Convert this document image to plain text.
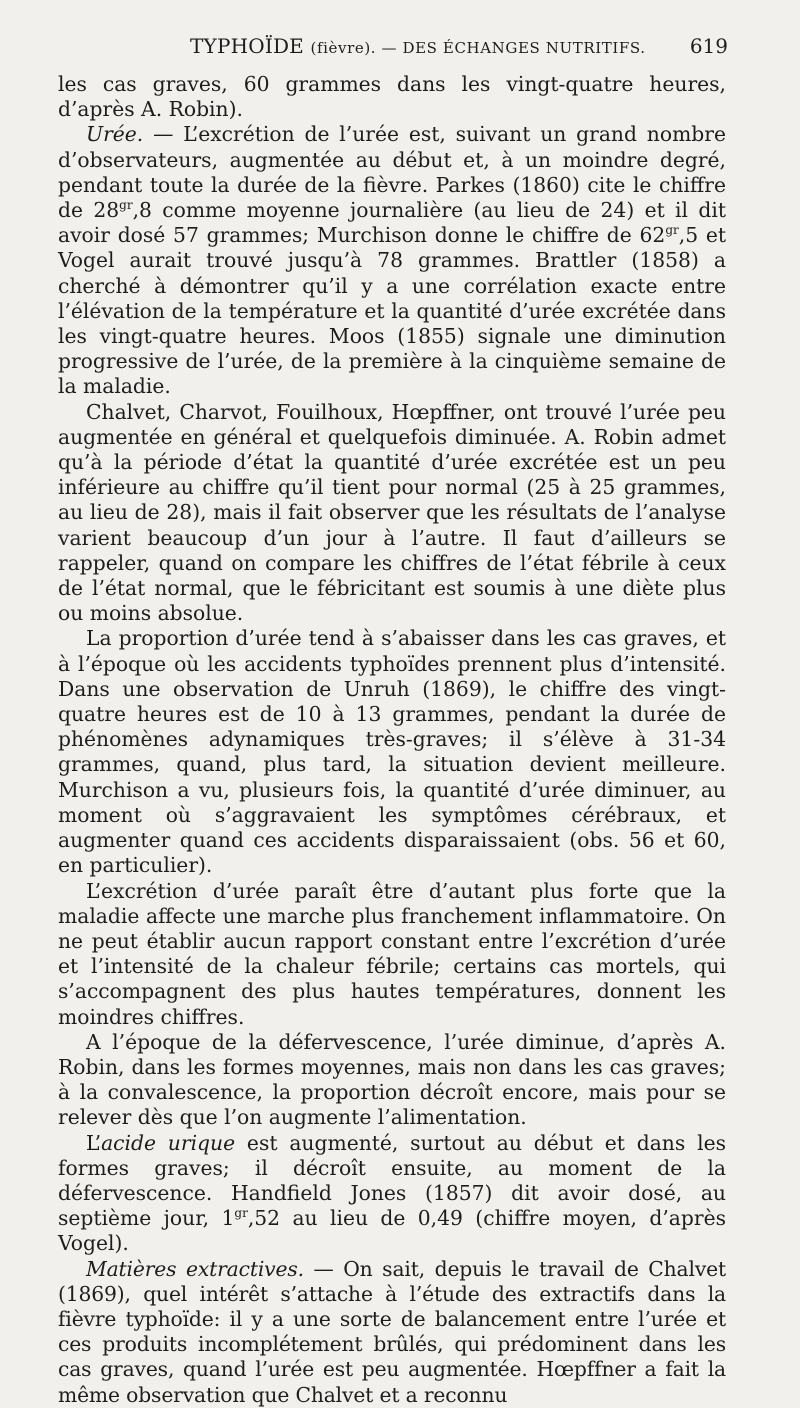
TYPHOÏDE (fièvre). — DES ÉCHANGES NUTRITIFS. 619

les cas graves, 60 grammes dans les vingt-quatre heures, d’après A. Robin).

Urée. — L’excrétion de l’urée est, suivant un grand nombre d’observateurs, augmentée au début et, à un moindre degré, pendant toute la durée de la fièvre. Parkes (1860) cite le chiffre de $28^{gr},8$ comme moyenne journalière (au lieu de 24) et il dit avoir dosé 57 grammes; Murchison donne le chiffre de $62^{gr},5$ et Vogel aurait trouvé jusqu’à 78 grammes. Brattler (1858) a cherché à démontrer qu’il y a une corrélation exacte entre l’élévation de la température et la quantité d’urée excrétée dans les vingt-quatre heures. Moos (1855) signale une diminution progressive de l’urée, de la première à la cinquième semaine de la maladie.

Chalvet, Charvot, Fouilhoux, Hœpffner, ont trouvé l’urée peu augmentée en général et quelquefois diminuée. A. Robin admet qu’à la période d’état la quantité d’urée excrétée est un peu inférieure au chiffre qu’il tient pour normal (25 à 25 grammes, au lieu de 28), mais il fait observer que les résultats de l’analyse varient beaucoup d’un jour à l’autre. Il faut d’ailleurs se rappeler, quand on compare les chiffres de l’état fébrile à ceux de l’état normal, que le fébricitant est soumis à une diète plus ou moins absolue.

La proportion d’urée tend à s’abaisser dans les cas graves, et à l’époque où les accidents typhoïdes prennent plus d’intensité. Dans une observation de Unruh (1869), le chiffre des vingt-quatre heures est de 10 à 13 grammes, pendant la durée de phénomènes adynamiques très-graves; il s’élève à 31-34 grammes, quand, plus tard, la situation devient meilleure. Murchison a vu, plusieurs fois, la quantité d’urée diminuer, au moment où s’aggravaient les symptômes cérébraux, et augmenter quand ces accidents disparaissaient (obs. 56 et 60, en particulier).

L’excrétion d’urée paraît être d’autant plus forte que la maladie affecte une marche plus franchement inflammatoire. On ne peut établir aucun rapport constant entre l’excrétion d’urée et l’intensité de la chaleur fébrile; certains cas mortels, qui s’accompagnent des plus hautes températures, donnent les moindres chiffres.

A l’époque de la défervescence, l’urée diminue, d’après A. Robin, dans les formes moyennes, mais non dans les cas graves; à la convalescence, la proportion décroît encore, mais pour se relever dès que l’on augmente l’alimentation.

L’acide urique est augmenté, surtout au début et dans les formes graves; il décroît ensuite, au moment de la défervescence. Handfield Jones (1857) dit avoir dosé, au septième jour, $1^{gr},52$ au lieu de 0,49 (chiffre moyen, d’après Vogel).

Matières extractives. — On sait, depuis le travail de Chalvet (1869), quel intérêt s’attache à l’étude des extractifs dans la fièvre typhoïde: il y a une sorte de balancement entre l’urée et ces produits incomplétement brûlés, qui prédominent dans les cas graves, quand l’urée est peu augmentée. Hœpffner a fait la même observation que Chalvet et a reconnu
